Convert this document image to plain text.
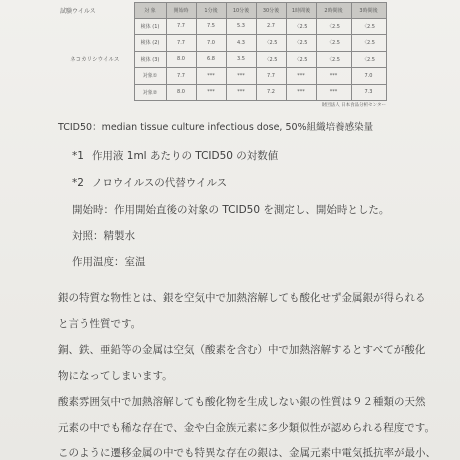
試験ウイルス	対 象	開始時	1分後	10分後	30分後	1時間後	2時間後	3時間後
ネコカリシウイルス	検体 (1)	7.7	7.5	5.3	2.7	〈2.5	〈2.5	〈2.5
	検体 (2)	7.7	7.0	4.3	〈2.5	〈2.5	〈2.5	〈2.5
	検体 (3)	8.0	6.8	3.5	〈2.5	〈2.5	〈2.5	〈2.5
	対象①	7.7	***	***	7.7	***	***	7.0
	対象②	8.0	***	***	7.2	***	***	7.3
財団法人 日本食品分析センター								
TCID50：median tissue culture infectious dose, 50%組織培養感染量
*1 作用液 1ml あたりの TCID50 の対数値
*2 ノロウイルスの代替ウイルス
開始時：作用開始直後の対象の TCID50 を測定し、開始時とした。
対照：精製水
作用温度：室温
銀の特質な物性とは、銀を空気中で加熱溶解しても酸化せず金属銀が得られる
と言う性質です。
銅、鉄、亜鉛等の金属は空気（酸素を含む）中で加熱溶解するとすべてが酸化
物になってしまいます。
酸素雰囲気中で加熱溶解しても酸化物を生成しない銀の性質は９２種類の天然
元素の中でも稀な存在で、金や白金族元素に多少類似性が認められる程度です。
このように遷移金属の中でも特異な存在の銀は、金属元素中電気抵抗率が最小、
